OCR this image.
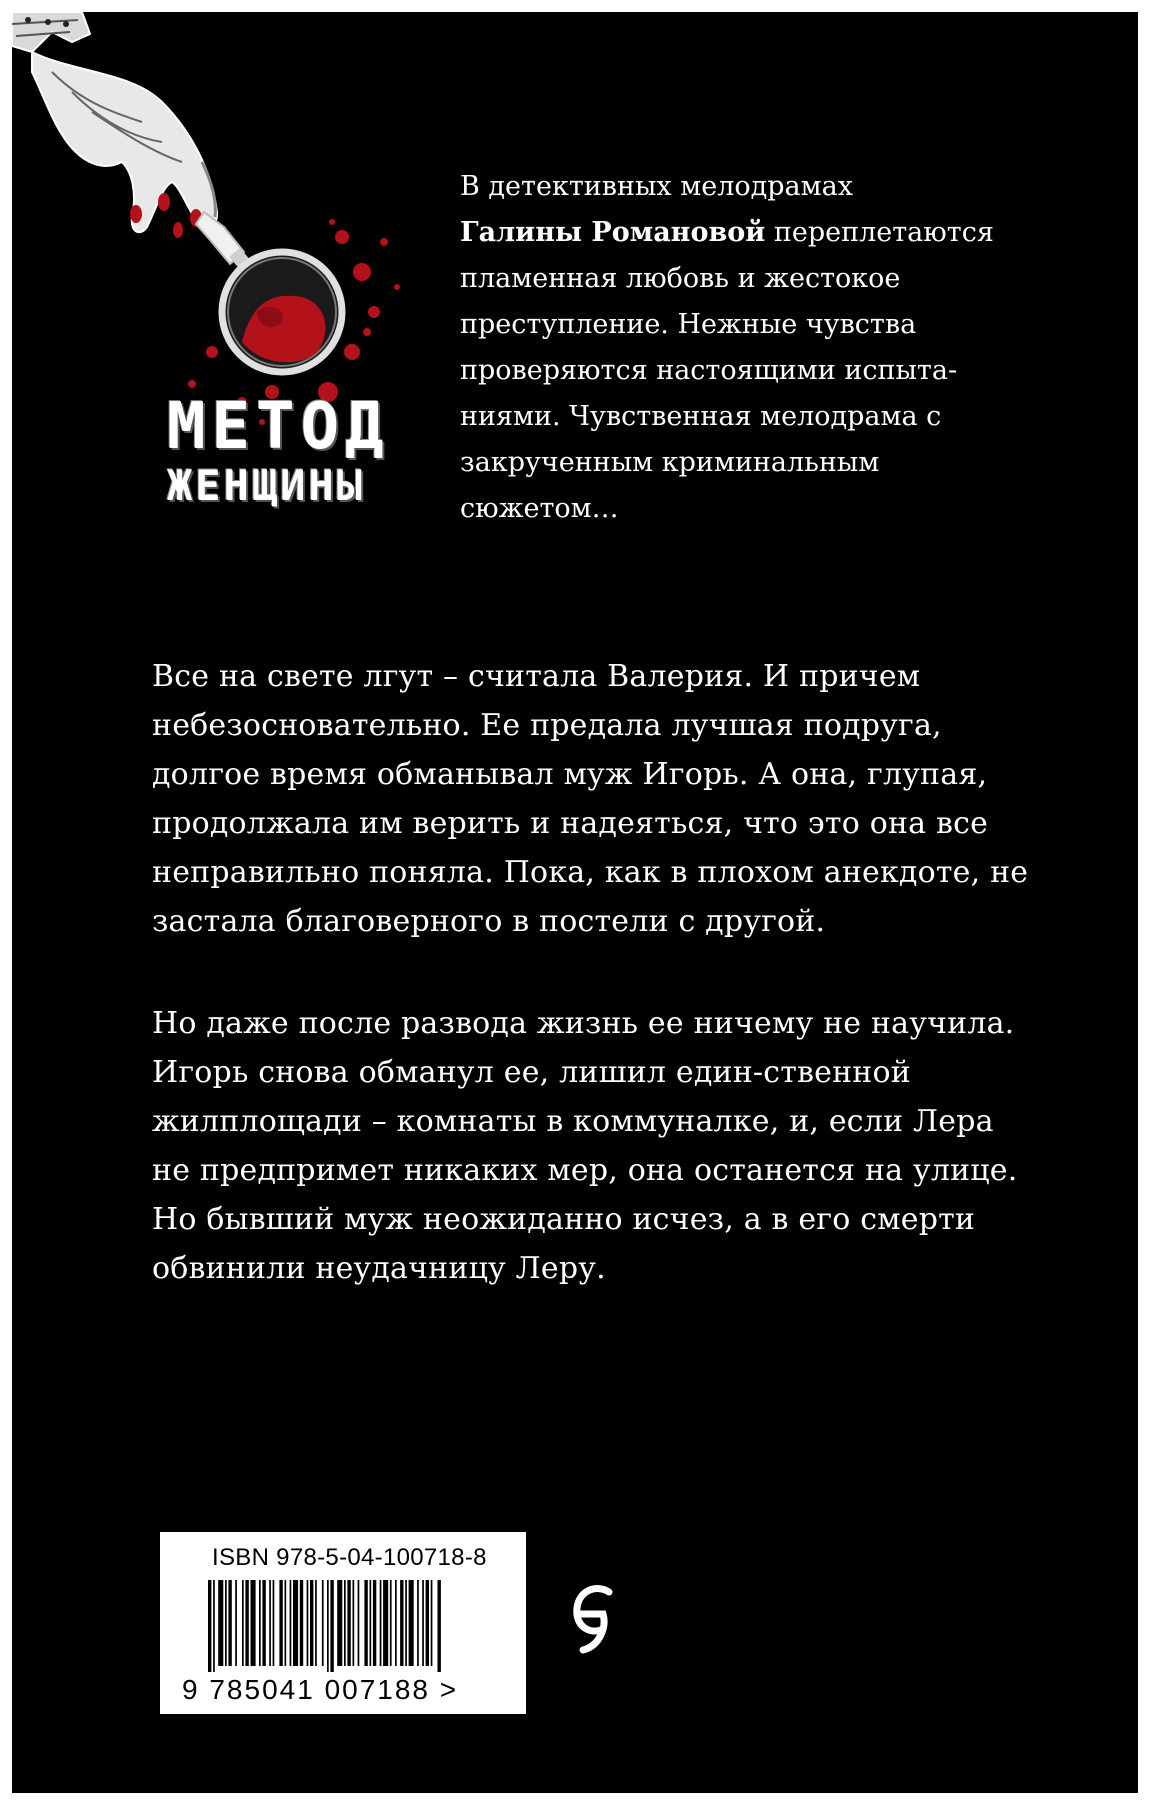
МЕТОД
ЖЕНЩИНЫ

В детективных мелодрамах
Галины Романовой переплетаются пламенная любовь и жестокое преступление. Нежные чувства проверяются настоящими испыта-ниями. Чувственная мелодрама с закрученным криминальным сюжетом…

Все на свете лгут – считала Валерия. И причем небезосновательно. Ее предала лучшая подруга, долгое время обманывал муж Игорь. А она, глупая, продолжала им верить и надеяться, что это она все неправильно поняла. Пока, как в плохом анекдоте, не застала благоверного в постели с другой.

Но даже после развода жизнь ее ничему не научила. Игорь снова обманул ее, лишил един-ственной жилплощади – комнаты в коммуналке, и, если Лера не предпримет никаких мер, она останется на улице. Но бывший муж неожиданно исчез, а в его смерти обвинили неудачницу Леру.

ISBN 978-5-04-100718-8
9 785041 007188 >
